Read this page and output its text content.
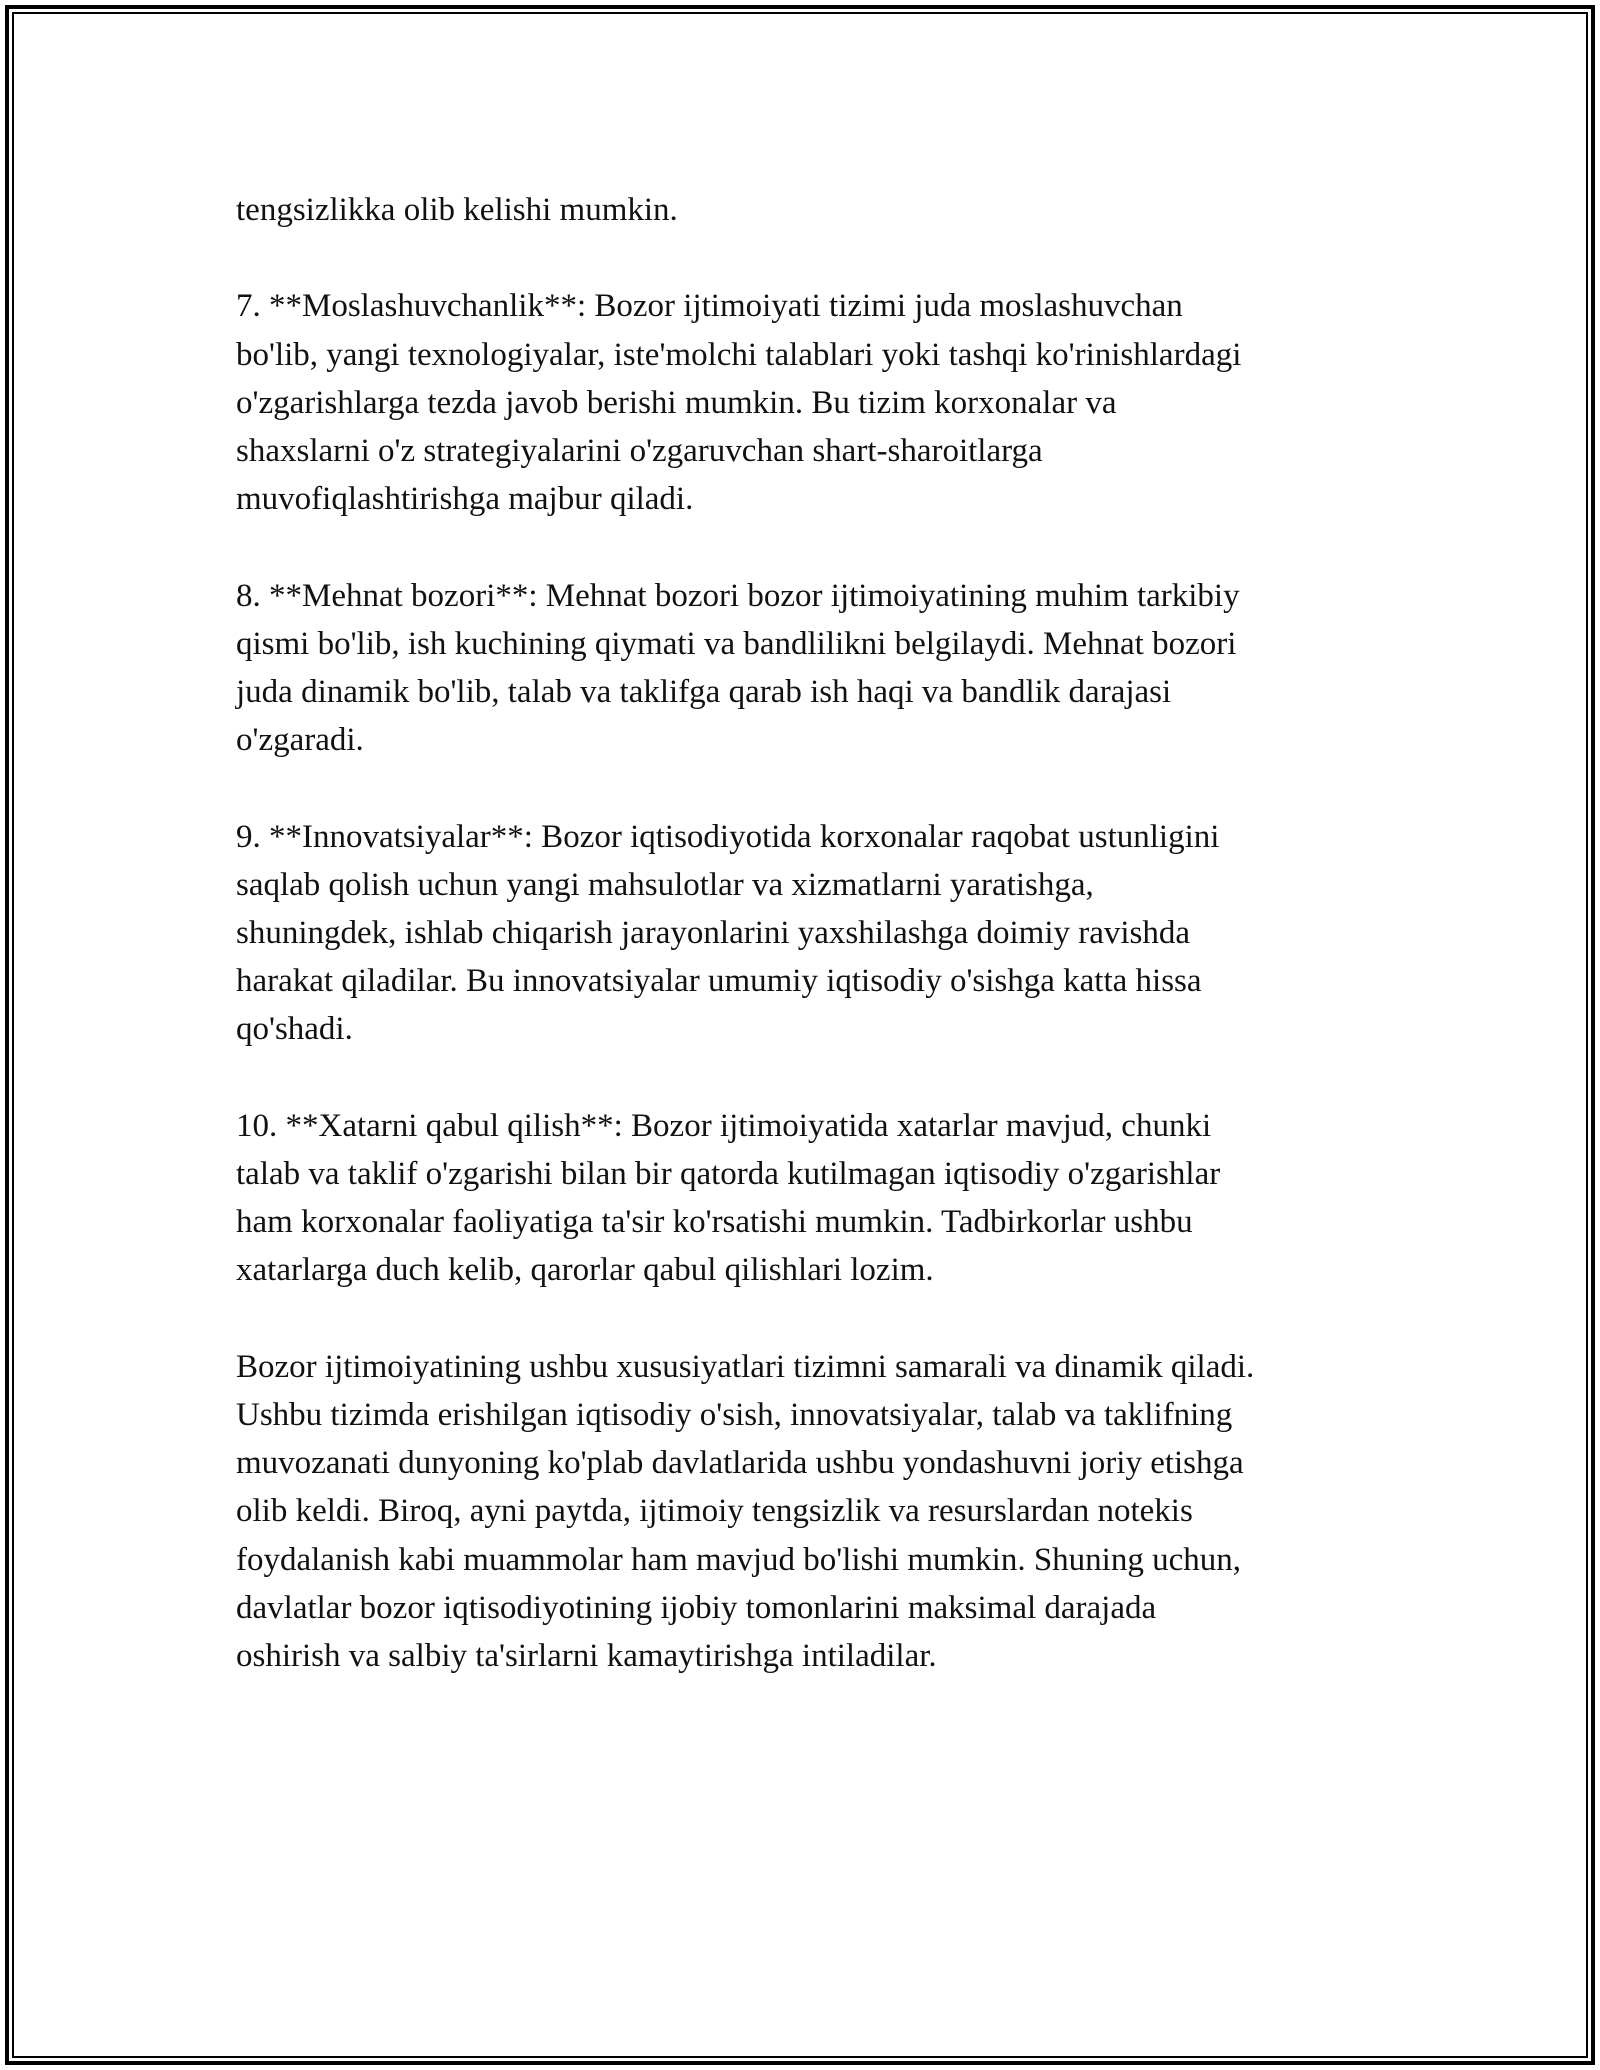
tengsizlikka olib kelishi mumkin.

7. **Moslashuvchanlik**: Bozor ijtimoiyati tizimi juda moslashuvchan
bo'lib, yangi texnologiyalar, iste'molchi talablari yoki tashqi ko'rinishlardagi
o'zgarishlarga tezda javob berishi mumkin. Bu tizim korxonalar va
shaxslarni o'z strategiyalarini o'zgaruvchan shart-sharoitlarga
muvofiqlashtirishga majbur qiladi.

8. **Mehnat bozori**: Mehnat bozori bozor ijtimoiyatining muhim tarkibiy
qismi bo'lib, ish kuchining qiymati va bandlilikni belgilaydi. Mehnat bozori
juda dinamik bo'lib, talab va taklifga qarab ish haqi va bandlik darajasi
o'zgaradi.

9. **Innovatsiyalar**: Bozor iqtisodiyotida korxonalar raqobat ustunligini
saqlab qolish uchun yangi mahsulotlar va xizmatlarni yaratishga,
shuningdek, ishlab chiqarish jarayonlarini yaxshilashga doimiy ravishda
harakat qiladilar. Bu innovatsiyalar umumiy iqtisodiy o'sishga katta hissa
qo'shadi.

10. **Xatarni qabul qilish**: Bozor ijtimoiyatida xatarlar mavjud, chunki
talab va taklif o'zgarishi bilan bir qatorda kutilmagan iqtisodiy o'zgarishlar
ham korxonalar faoliyatiga ta'sir ko'rsatishi mumkin. Tadbirkorlar ushbu
xatarlarga duch kelib, qarorlar qabul qilishlari lozim.

Bozor ijtimoiyatining ushbu xususiyatlari tizimni samarali va dinamik qiladi.
Ushbu tizimda erishilgan iqtisodiy o'sish, innovatsiyalar, talab va taklifning
muvozanati dunyoning ko'plab davlatlarida ushbu yondashuvni joriy etishga
olib keldi. Biroq, ayni paytda, ijtimoiy tengsizlik va resurslardan notekis
foydalanish kabi muammolar ham mavjud bo'lishi mumkin. Shuning uchun,
davlatlar bozor iqtisodiyotining ijobiy tomonlarini maksimal darajada
oshirish va salbiy ta'sirlarni kamaytirishga intiladilar.
